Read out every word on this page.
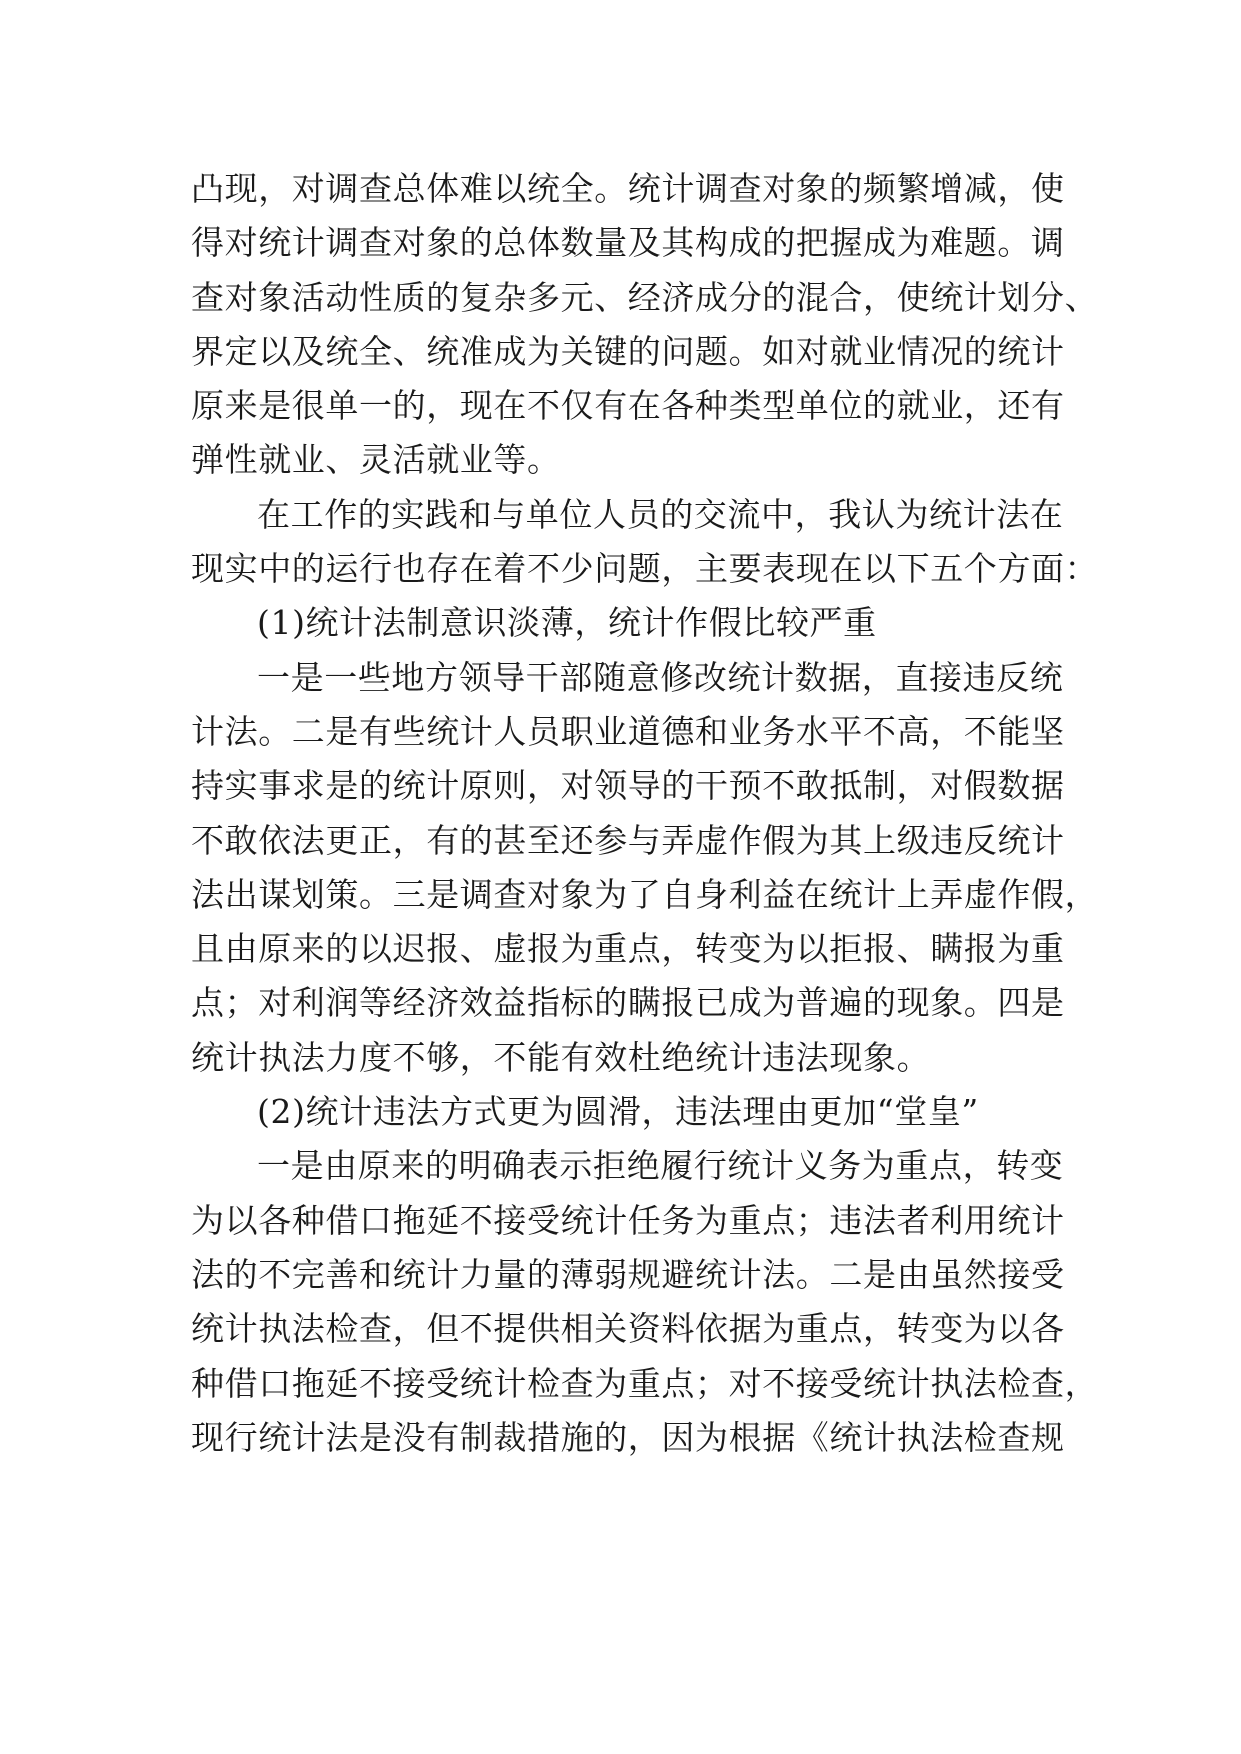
凸现，对调查总体难以统全。统计调查对象的频繁增减，使
得对统计调查对象的总体数量及其构成的把握成为难题。调
查对象活动性质的复杂多元、经济成分的混合，使统计划分、
界定以及统全、统准成为关键的问题。如对就业情况的统计
原来是很单一的，现在不仅有在各种类型单位的就业，还有
弹性就业、灵活就业等。
在工作的实践和与单位人员的交流中，我认为统计法在
现实中的运行也存在着不少问题，主要表现在以下五个方面：
(1)统计法制意识淡薄，统计作假比较严重
一是一些地方领导干部随意修改统计数据，直接违反统
计法。二是有些统计人员职业道德和业务水平不高，不能坚
持实事求是的统计原则，对领导的干预不敢抵制，对假数据
不敢依法更正，有的甚至还参与弄虚作假为其上级违反统计
法出谋划策。三是调查对象为了自身利益在统计上弄虚作假，
且由原来的以迟报、虚报为重点，转变为以拒报、瞒报为重
点；对利润等经济效益指标的瞒报已成为普遍的现象。四是
统计执法力度不够，不能有效杜绝统计违法现象。
(2)统计违法方式更为圆滑，违法理由更加“堂皇”
一是由原来的明确表示拒绝履行统计义务为重点，转变
为以各种借口拖延不接受统计任务为重点；违法者利用统计
法的不完善和统计力量的薄弱规避统计法。二是由虽然接受
统计执法检查，但不提供相关资料依据为重点，转变为以各
种借口拖延不接受统计检查为重点；对不接受统计执法检查，
现行统计法是没有制裁措施的，因为根据《统计执法检查规
